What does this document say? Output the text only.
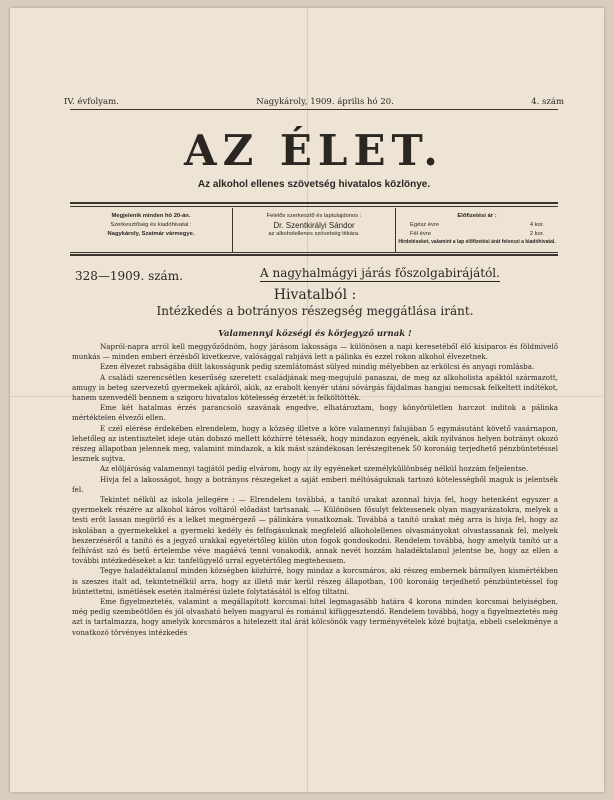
IV. évfolyam.	Nagykároly, 1909. április hó 20.	4. szám
AZ ÉLET.
Az alkohol ellenes szövetség hivatalos közlönye.
Megjelenik minden hó 20-án.
Szerkesztőség és kiadóhivatal :
Nagykároly, Szatmár vármegye.
Felelős szerkesztő és laptulajdonos :
Dr. Szentkirályi Sándor
az alkoholellenes szövetség titkára.
Előfizetési ár :
Egész évre	4 kor.
Fél évre	2 kor.
Hirdetéseket, valamint a lap előfizetési árát felveszi a kiadóhivatal.
328—1909. szám.	A nagyhalmágyi járás főszolgabirájától.
Hivatalból :
Intézkedés a botrányos részegség meggátlása iránt.
Valamennyi községi és körjegyző urnak !

Napról-napra arról kell meggyőződnöm, hogy járásom lakossága — különösen a napi keresetéből élő kisiparos és földmivelő munkás — minden emberi érzésből kivetkezve, valósággal rabjává lett a pálinka és ezzel rokon alkohol élvezetnek.

Ezen élvezet rabságába dült lakosságunk pedig szemlátomást sülyed mindig mélyebben az erkölcsi és anyagi romlásba.

A családi szerencsétlen keserűség szeretett családjának meg-megujuló panaszai, de meg az alkoholista apáktól származott, amugy is beteg szervezetű gyermekek ajkáról, akik, az erabolt kenyér utáni sóvárgás fájdalmas hangjai nemcsak felkeltett indítékot, hanem szenvedéll bennem a szigoru hivatalos kötelesség érzetét is felköltötték.

Eme két hatalmas érzés parancsoló szavának engedve, elhatároztam, hogy könyörületlen harczot inditok a pálinka mértéktelen élvezői ellen.

E czél elérése érdekében elrendelem, hogy a község illetve a köre valamennyi falujában 5 egymásutánt követő vasárnapon, lehetőleg az istentisztelet ideje után dobszó mellett közhírré tétessék, hogy mindazon egyének, akik nyilvános helyen botrányt okozó részeg állapotban jelennek meg, valamint mindazok, a kik mást szándékosan lerészegitenek 50 koronáig terjedhető pénzbüntetéssel lesznek sujtva.

Az elöljáróság valamennyi tagjától pedig elvárom, hogy az ily egyéneket személyküllönbség nélkül hozzám feljelentse.

Hivja fel a lakosságot, hogy a botrányos részegeket a saját emberi méltóságuknak tartozó kötelességből maguk is jelentsék fel.

Tekintet nélkül az iskola jellegére : — Elrendelem továbbá, a tanító urakat azonnal hivja fel, hogy hetenként egyszer a gyermekek részére az alkohol káros voltáról előadást tartsanak. — Különösen fősulyt fektessenek olyan magyarázatokra, melyek a testi erőt lassan megörlő és a lelket megmérgező — pálinkára vonatkoznak. Továbbá a tanító urakat még arra is hivja fel, hogy az iskolában a gyermekekkel a gyermeki kedély és felfogásuknak megfelelő alkoholellenes olvasmányokat olvastassanak fel, melyek beszerzéséről a tanító és a jegyző urakkal egyetértőleg külön uton fogok gondoskodni. Rendelem továbbá, hogy amelyik tanító ur a felhívást szó és betű értelembe véve magáévá tenni vonakodik, annak nevét hozzám haladéktalanul jelentse be, hogy az ellen a további intézkedéseket a kir. tanfelügyelő urral egyetértőleg megtehessem.

Tegye haladéktalanul minden községben közhírré, hogy mindaz a korcsmáros, aki részeg embernek bármilyen kismértékben is szeszes italt ad, tekintetnélkül arra, hogy az illető már kerül részeg állapotban, 100 koronáig terjedhető pénzbüntetéssel fog büntettetni, ismétlések esetén italmérési üzlete folytatásától is elfog tiltatni.

Eme figyelmeztetés, valamint a megállapított korcsmai hitel legmagasább határa 4 korona minden korcsmai helyiségben, még pedig szembeötlően és jól olvasható helyen magyarul és románul kifüggesztendő. Rendelem továbbá, hogy a figyelmeztetés még azt is tartalmazza, hogy amelyik korcsmáros a hitelezett ital árát kölcsönök vagy terményvételek közé bujtatja, ebbeli cselekménye a vonatkozó törvényes intézkedés
